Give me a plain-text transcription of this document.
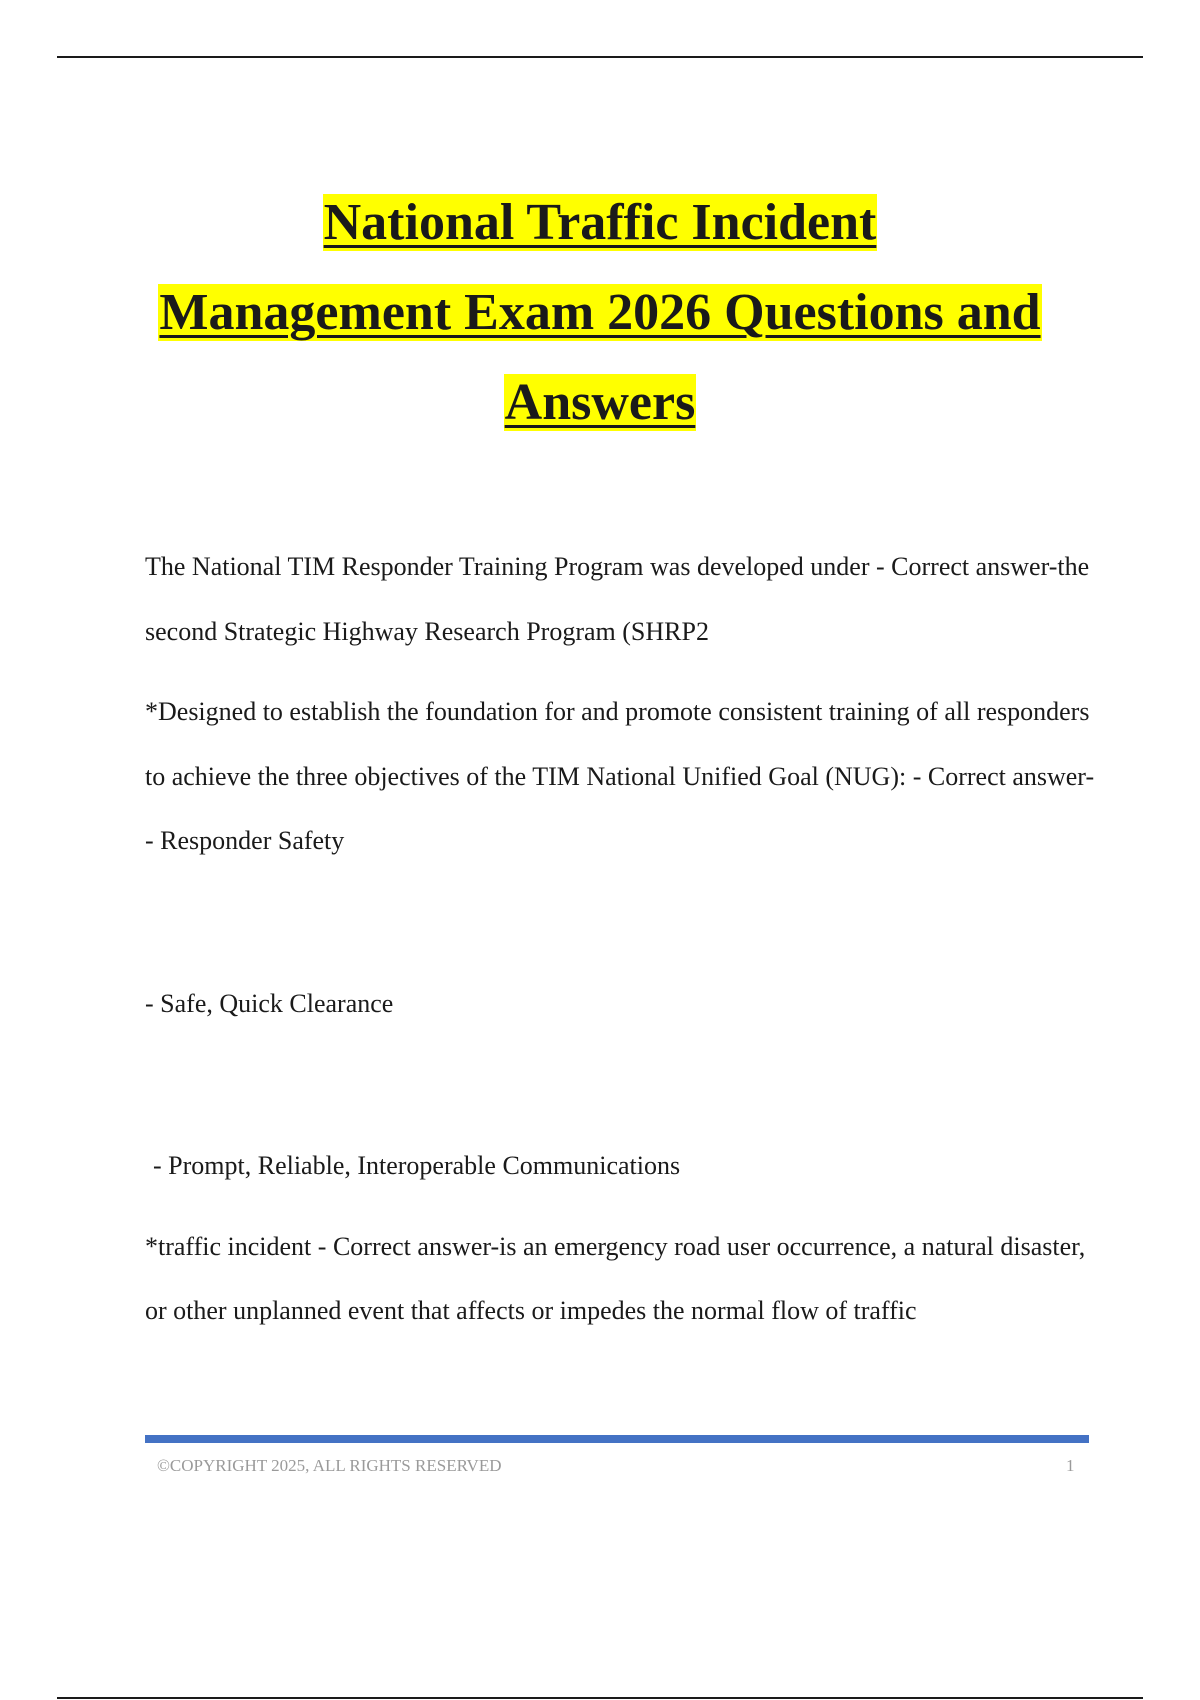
National Traffic Incident
Management Exam 2026 Questions and
Answers

The National TIM Responder Training Program was developed under - Correct answer-the second Strategic Highway Research Program (SHRP2

*Designed to establish the foundation for and promote consistent training of all responders to achieve the three objectives of the TIM National Unified Goal (NUG): - Correct answer-- Responder Safety

- Safe, Quick Clearance

- Prompt, Reliable, Interoperable Communications

*traffic incident - Correct answer-is an emergency road user occurrence, a natural disaster, or other unplanned event that affects or impedes the normal flow of traffic

©COPYRIGHT 2025, ALL RIGHTS RESERVED	1
